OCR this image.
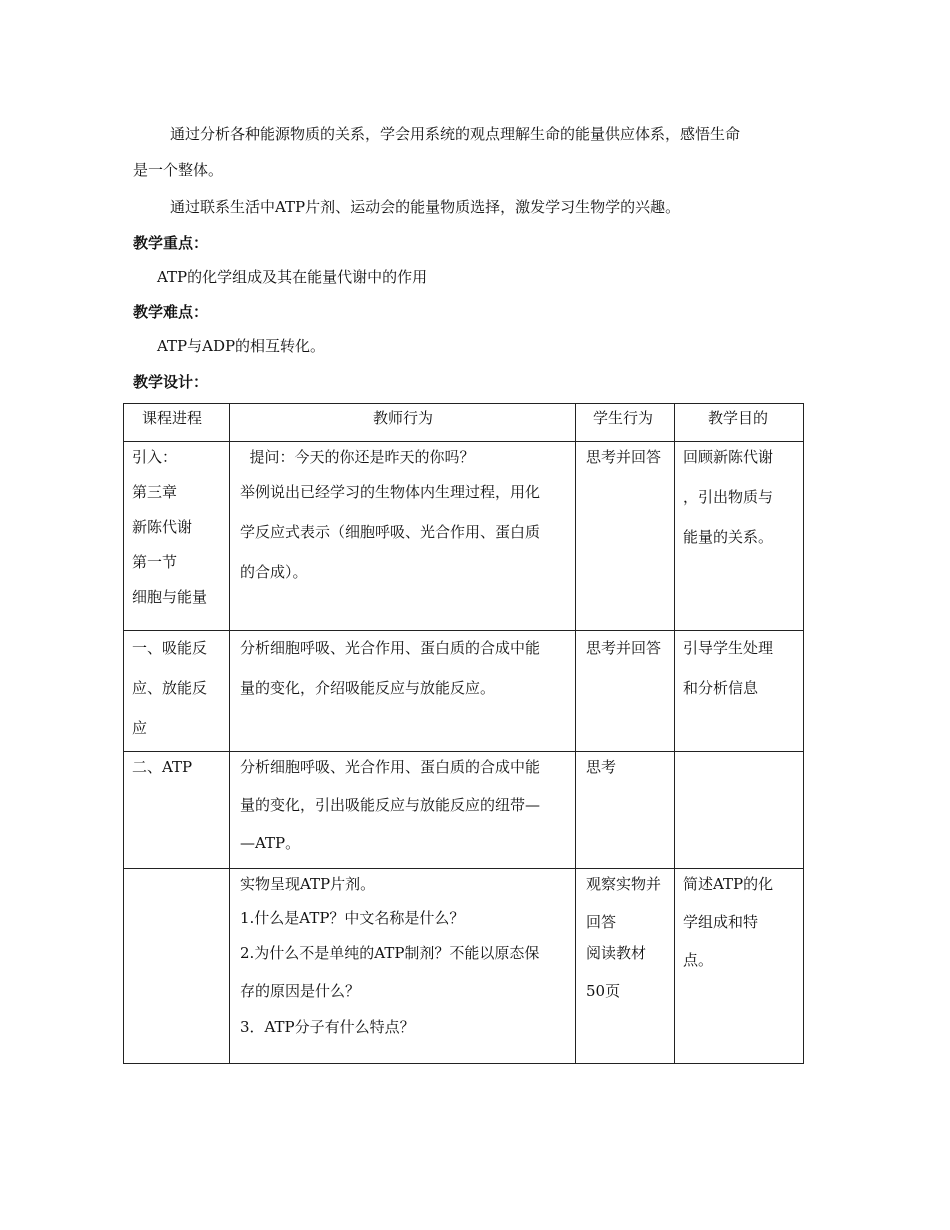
通过分析各种能源物质的关系，学会用系统的观点理解生命的能量供应体系，感悟生命

是一个整体。

通过联系生活中ATP片剂、运动会的能量物质选择，激发学习生物学的兴趣。

教学重点：

ATP的化学组成及其在能量代谢中的作用

教学难点：

ATP与ADP的相互转化。

教学设计：

课程进程	教师行为	学生行为	教学目的

引入：
第三章
新陈代谢
第一节
细胞与能量	提问：今天的你还是昨天的你吗？
举例说出已经学习的生物体内生理过程，用化
学反应式表示（细胞呼吸、光合作用、蛋白质
的合成）。	思考并回答	回顾新陈代谢
，引出物质与
能量的关系。

一、吸能反
应、放能反
应	分析细胞呼吸、光合作用、蛋白质的合成中能
量的变化，介绍吸能反应与放能反应。	思考并回答	引导学生处理
和分析信息

二、ATP	分析细胞呼吸、光合作用、蛋白质的合成中能
量的变化，引出吸能反应与放能反应的纽带—
—ATP。	思考	

	实物呈现ATP片剂。
1.什么是ATP？中文名称是什么？
2.为什么不是单纯的ATP制剂？不能以原态保
存的原因是什么？
3．ATP分子有什么特点？	观察实物并
回答
阅读教材
50页	简述ATP的化
学组成和特
点。
